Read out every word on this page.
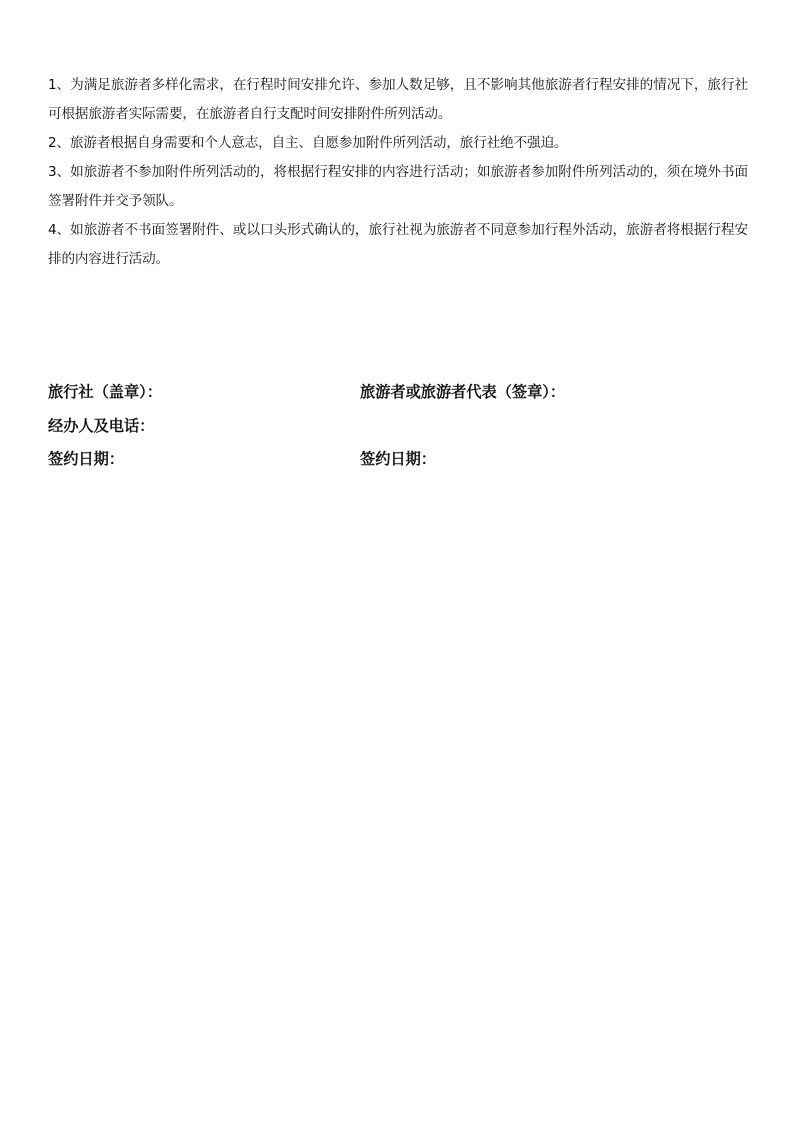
1、为满足旅游者多样化需求，在行程时间安排允许、参加人数足够，且不影响其他旅游者行程安排的情况下，旅行社可根据旅游者实际需要，在旅游者自行支配时间安排附件所列活动。

2、旅游者根据自身需要和个人意志，自主、自愿参加附件所列活动，旅行社绝不强迫。

3、如旅游者不参加附件所列活动的，将根据行程安排的内容进行活动；如旅游者参加附件所列活动的，须在境外书面签署附件并交予领队。

4、如旅游者不书面签署附件、或以口头形式确认的，旅行社视为旅游者不同意参加行程外活动，旅游者将根据行程安排的内容进行活动。

旅行社（盖章）：	旅游者或旅游者代表（签章）：
经办人及电话：
签约日期：	签约日期：
